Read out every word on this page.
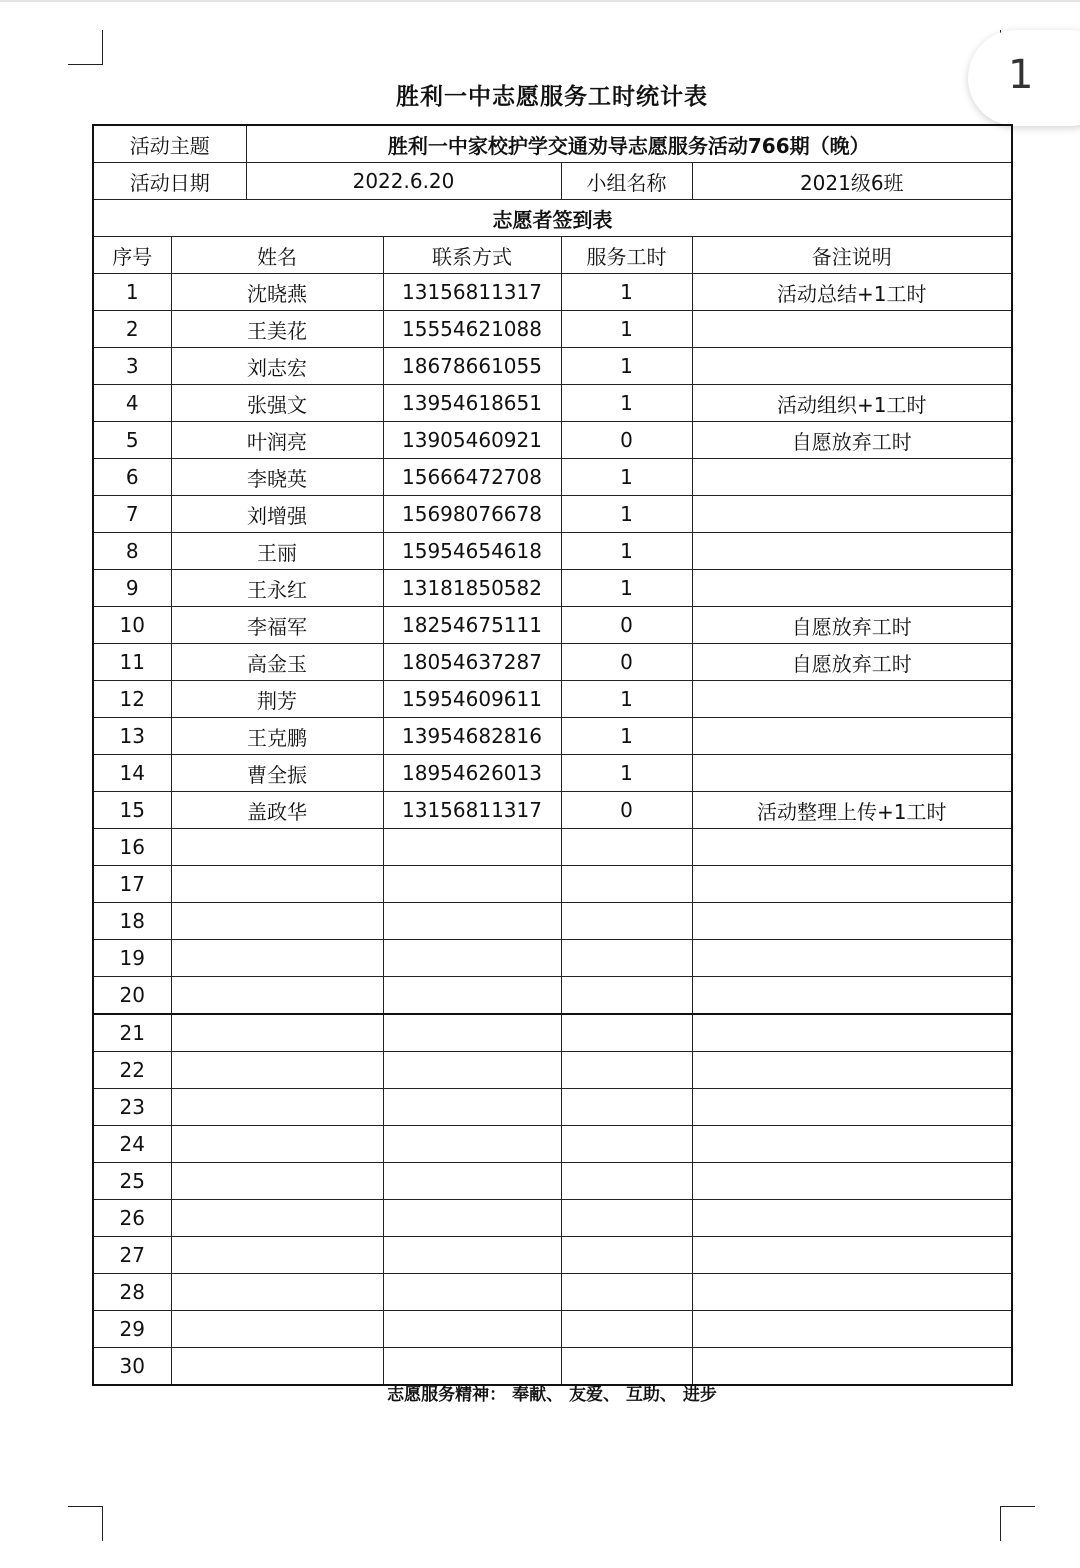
1
胜利一中志愿服务工时统计表
活动主题		胜利一中家校护学交通劝导志愿服务活动766期（晚）			
活动日期		2022.6.20		小组名称	2021级6班
志愿者签到表					
序号	姓名		联系方式	服务工时	备注说明
1	沈晓燕		13156811317	1	活动总结+1工时
2	王美花		15554621088	1	
3	刘志宏		18678661055	1	
4	张强文		13954618651	1	活动组织+1工时
5	叶润亮		13905460921	0	自愿放弃工时
6	李晓英		15666472708	1	
7	刘增强		15698076678	1	
8	王丽		15954654618	1	
9	王永红		13181850582	1	
10	李福军		18254675111	0	自愿放弃工时
11	高金玉		18054637287	0	自愿放弃工时
12	荆芳		15954609611	1	
13	王克鹏		13954682816	1	
14	曹全振		18954626013	1	
15	盖政华		13156811317	0	活动整理上传+1工时
16					
17					
18					
19					
20					
21					
22					
23					
24					
25					
26					
27					
28					
29					
30					
志愿服务精神： 奉献、 友爱、 互助、 进步
